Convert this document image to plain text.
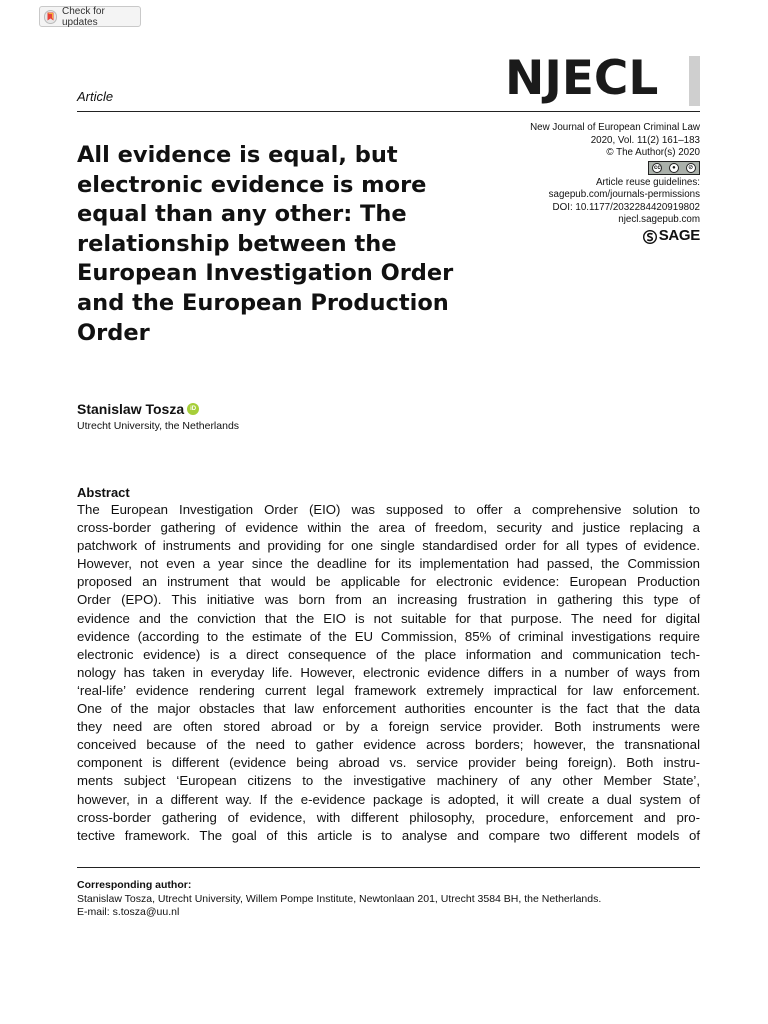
Check for updates
Article	NJECL
New Journal of European Criminal Law
2020, Vol. 11(2) 161–183
© The Author(s) 2020
cc	●	⊘
Article reuse guidelines:
sagepub.com/journals-permissions
DOI: 10.1177/2032284420919802
njecl.sagepub.com
SAGE
All evidence is equal, but electronic evidence is more equal than any other: The relationship between the European Investigation Order and the European Production Order
Stanislaw Tosza	iD
Utrecht University, the Netherlands
Abstract
The European Investigation Order (EIO) was supposed to offer a comprehensive solution to
cross-border gathering of evidence within the area of freedom, security and justice replacing a
patchwork of instruments and providing for one single standardised order for all types of evidence.
However, not even a year since the deadline for its implementation had passed, the Commission
proposed an instrument that would be applicable for electronic evidence: European Production
Order (EPO). This initiative was born from an increasing frustration in gathering this type of
evidence and the conviction that the EIO is not suitable for that purpose. The need for digital
evidence (according to the estimate of the EU Commission, 85% of criminal investigations require
electronic evidence) is a direct consequence of the place information and communication tech-
nology has taken in everyday life. However, electronic evidence differs in a number of ways from
‘real-life’ evidence rendering current legal framework extremely impractical for law enforcement.
One of the major obstacles that law enforcement authorities encounter is the fact that the data
they need are often stored abroad or by a foreign service provider. Both instruments were
conceived because of the need to gather evidence across borders; however, the transnational
component is different (evidence being abroad vs. service provider being foreign). Both instru-
ments subject ‘European citizens to the investigative machinery of any other Member State’,
however, in a different way. If the e-evidence package is adopted, it will create a dual system of
cross-border gathering of evidence, with different philosophy, procedure, enforcement and pro-
tective framework. The goal of this article is to analyse and compare two different models of
Corresponding author:
Stanislaw Tosza, Utrecht University, Willem Pompe Institute, Newtonlaan 201, Utrecht 3584 BH, the Netherlands.
E-mail: s.tosza@uu.nl
